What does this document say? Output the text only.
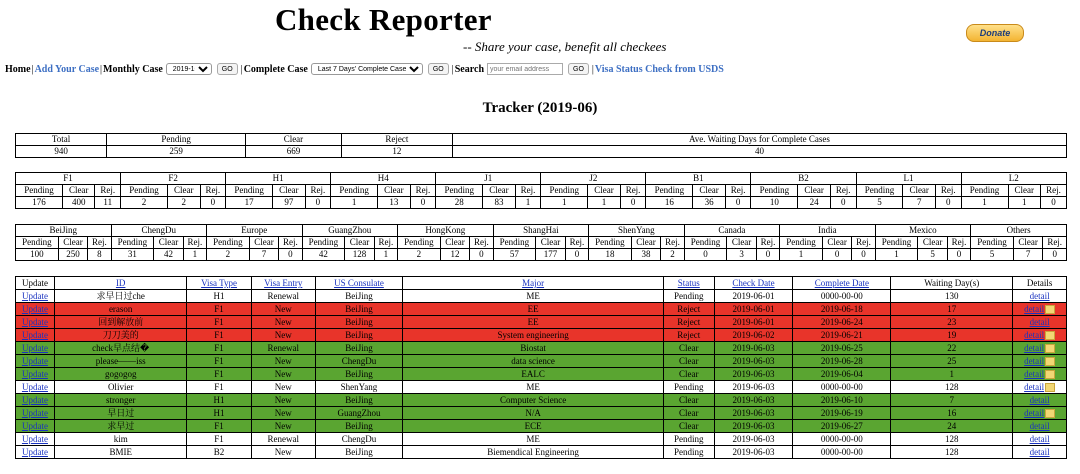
Check Reporter
-- Share your case, benefit all checkees
Donate
Home | Add Your Case | Monthly Case
2019-10	GO | Complete Case
Last 7 Days' Complete Cases	GO | Search
your email address	GO | Visa Status Check from USDS
Tracker (2019-06)
Total	Pending	Clear	Reject	Ave. Waiting Days for Complete Cases
940	259	669	12	40
F1			F2			H1			H4			J1			J2			B1			B2			L1			L2		
Pending	Clear	Rej.	Pending	Clear	Rej.	Pending	Clear	Rej.	Pending	Clear	Rej.	Pending	Clear	Rej.	Pending	Clear	Rej.	Pending	Clear	Rej.	Pending	Clear	Rej.	Pending	Clear	Rej.	Pending	Clear	Rej.
176	400	11	2	2	0	17	97	0	1	13	0	28	83	1	1	1	0	16	36	0	10	24	0	5	7	0	1	1	0
BeiJing			ChengDu			Europe			GuangZhou			HongKong			ShangHai			ShenYang			Canada			India			Mexico			Others		
Pending	Clear	Rej.	Pending	Clear	Rej.	Pending	Clear	Rej.	Pending	Clear	Rej.	Pending	Clear	Rej.	Pending	Clear	Rej.	Pending	Clear	Rej.	Pending	Clear	Rej.	Pending	Clear	Rej.	Pending	Clear	Rej.	Pending	Clear	Rej.
100	250	8	31	42	1	2	7	0	42	128	1	2	12	0	57	177	0	18	38	2	0	3	0	1	0	0	1	5	0	5	7	0
Update	ID	Visa Type	Visa Entry	US Consulate	Major	Status	Check Date	Complete Date	Waiting Day(s)	Details
Update	求早日过che	H1	Renewal	BeiJing	ME	Pending	2019-06-01	0000-00-00	130	detail
Update	erason	F1	New	BeiJing	EE	Reject	2019-06-01	2019-06-18	17	detail
Update	回到解放前	F1	New	BeiJing	EE	Reject	2019-06-01	2019-06-24	23	detail
Update	刀刀美的	F1	New	BeiJing	System engineering	Reject	2019-06-02	2019-06-21	19	detail
Update	check早点结�	F1	Renewal	BeiJing	Biostat	Clear	2019-06-03	2019-06-25	22	detail
Update	please——iss	F1	New	ChengDu	data science	Clear	2019-06-03	2019-06-28	25	detail
Update	gogogog	F1	New	BeiJing	EALC	Clear	2019-06-03	2019-06-04	1	detail
Update	Olivier	F1	New	ShenYang	ME	Pending	2019-06-03	0000-00-00	128	detail
Update	stronger	H1	New	BeiJing	Computer Science	Clear	2019-06-03	2019-06-10	7	detail
Update	早日过	H1	New	GuangZhou	N/A	Clear	2019-06-03	2019-06-19	16	detail
Update	求早过	F1	New	BeiJing	ECE	Clear	2019-06-03	2019-06-27	24	detail
Update	kim	F1	Renewal	ChengDu	ME	Pending	2019-06-03	0000-00-00	128	detail
Update	BMIE	B2	New	BeiJing	Biemendical Engineering	Pending	2019-06-03	0000-00-00	128	detail
